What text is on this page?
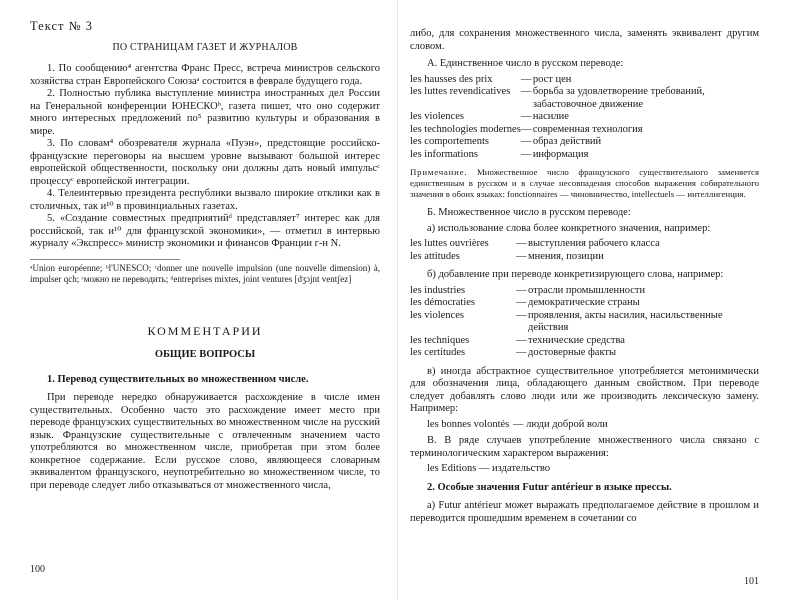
Текст № 3
ПО СТРАНИЦАМ ГАЗЕТ И ЖУРНАЛОВ

1. По сообщению⁴ агентства Франс Пресс, встреча министров сельского хозяйства стран Европейского Союзаᵃ состоится в феврале будущего года.

2. Полностью публика выступление министра иностранных дел России на Генеральной конференции ЮНЕСКОᵇ, газета пишет, что оно содержит много интересных предложений по⁵ развитию культуры и образования в мире.

3. По словам⁴ обозревателя журнала «Пуэн», предстоящие российско-французские переговоры на высшем уровне вызывают большой интерес европейской общественности, поскольку они должны дать новый импульсᶜ процессуᶜ европейской интеграции.

4. Телеинтервью президента республики вызвало широкие отклики как в столичных, так и¹⁰ в провинциальных газетах.

5. «Создание совместных предприятийᵈ представляет⁷ интерес как для российской, так и¹⁰ для французской экономики», — отметил в интервью журналу «Экспресс» министр экономики и финансов Франции г-н N.

ᵃUnion européenne; ᵇl'UNESCO; ᶜdonner une nouvelle impulsion (une nouvelle dimension) à, impulser qch; ᶜможно не переводить; ᵈentreprises mixtes, joint ventures [dʒɔjnt ventʃez]

КОММЕНТАРИИ
ОБЩИЕ ВОПРОСЫ
1. Перевод существительных во множественном числе.

При переводе нередко обнаруживается расхождение в числе имен существительных. Особенно часто это расхождение имеет место при переводе французских существительных во множественном числе на русский язык. Французские существительные с отвлеченным значением часто употребляются во множественном числе, приобретая при этом более конкретное содержание. Если русское слово, являющееся словарным эквивалентом французского, неупотребительно во множественном числе, то при переводе следует либо отказываться от множественного числа,

100

либо, для сохранения множественного числа, заменять эквивалент другим словом.

А. Единственное число в русском переводе:

les hausses des prix	—	рост цен
les luttes revendicatives	—	борьба за удовлетворение требований, забастовочное движение
les violences	—	насилие
les technologies modernes	—	современная технология
les comportements	—	образ действий
les informations	—	информация

Примечание. Множественное число французского существительного заменяется единственным в русском и в случае несовпадения способов выражения собирательного значения в обоих языках: fonctionnaires — чиновничество, intellectuels — интеллигенция.

Б. Множественное число в русском переводе:

а) использование слова более конкретного значения, например:

les luttes ouvrières	—	выступления рабочего класса
les attitudes	—	мнения, позиции

б) добавление при переводе конкретизирующего слова, например:

les industries	—	отрасли промышленности
les démocraties	—	демократические страны
les violences	—	проявления, акты насилия, насильственные действия
les techniques	—	технические средства
les certitudes	—	достоверные факты

в) иногда абстрактное существительное употребляется метонимически для обозначения лица, обладающего данным свойством. При переводе следует добавлять слово люди или же производить лексическую замену. Например:

les bonnes volontés — люди доброй воли

В. В ряде случаев употребление множественного числа связано с терминологическим характером выражения:

les Editions — издательство
2. Особые значения Futur antérieur в языке прессы.

а) Futur antérieur может выражать предполагаемое действие в прошлом и переводится прошедшим временем в сочетании со

101
